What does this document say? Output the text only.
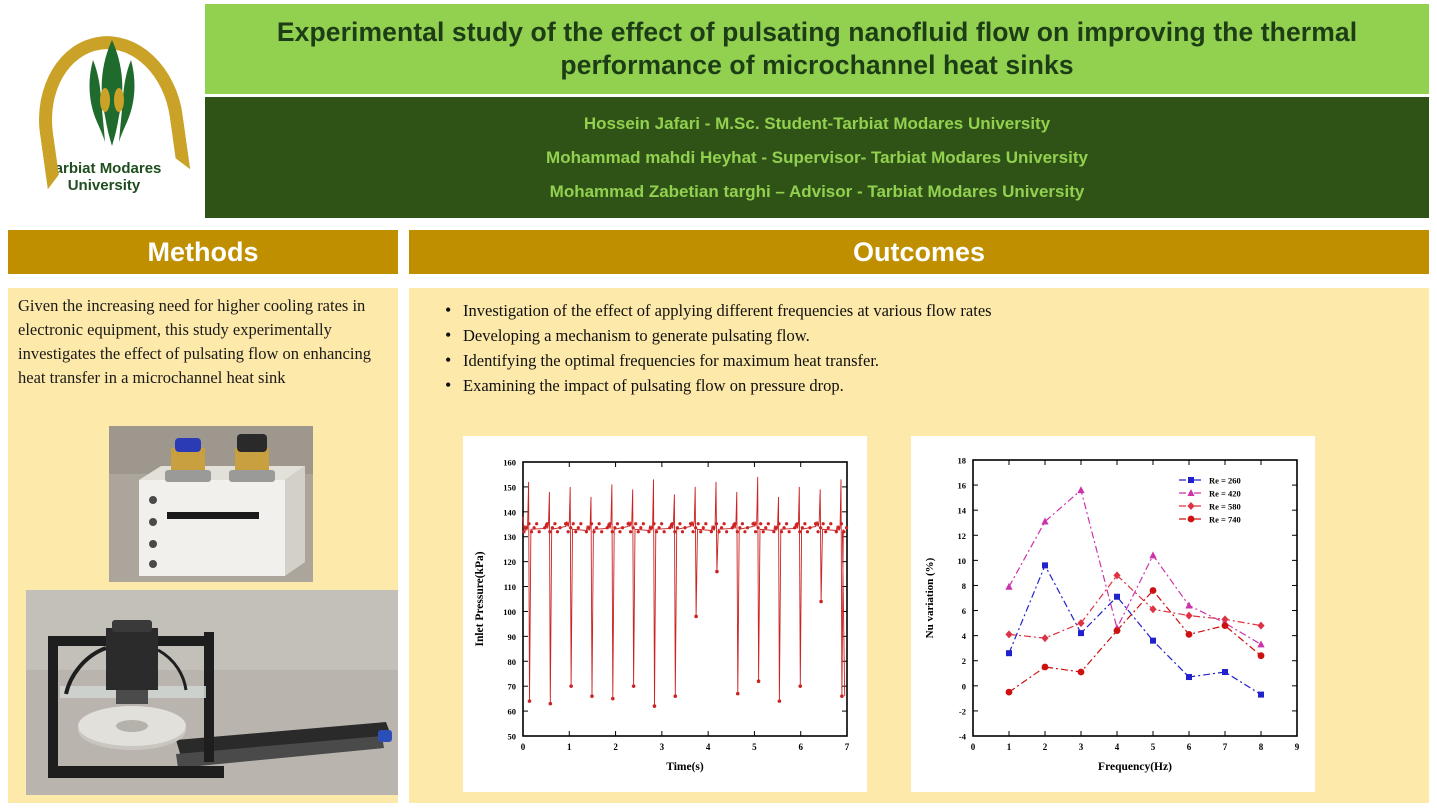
Tarbiat Modares
University
Experimental study of the effect of pulsating nanofluid flow on improving the thermal performance of microchannel heat sinks
Hossein Jafari - M.Sc. Student-Tarbiat Modares University
Mohammad mahdi Heyhat - Supervisor- Tarbiat Modares University
Mohammad Zabetian targhi – Advisor - Tarbiat Modares University
Methods	Outcomes
Given the increasing need for higher cooling rates in electronic equipment, this study experimentally investigates the effect of pulsating flow on enhancing heat transfer in a microchannel heat sink
• Investigation of the effect of applying different frequencies at various flow rates
• Developing a mechanism to generate pulsating flow.
• Identifying the optimal frequencies for maximum heat transfer.
• Examining the impact of pulsating flow on pressure drop.
50
60
70
80
90
100
110
120
130
140
150
160
0	1	2	3	4	5	6	7
Time(s)
Inlet Pressure(kPa)
-4
-2
0
2
4
6
8
10
12
14
16
18
0	1	2	3	4	5	6	7	8	9
Frequency(Hz)
Nu variation (%)
Re = 260
Re = 420
Re = 580
Re = 740
